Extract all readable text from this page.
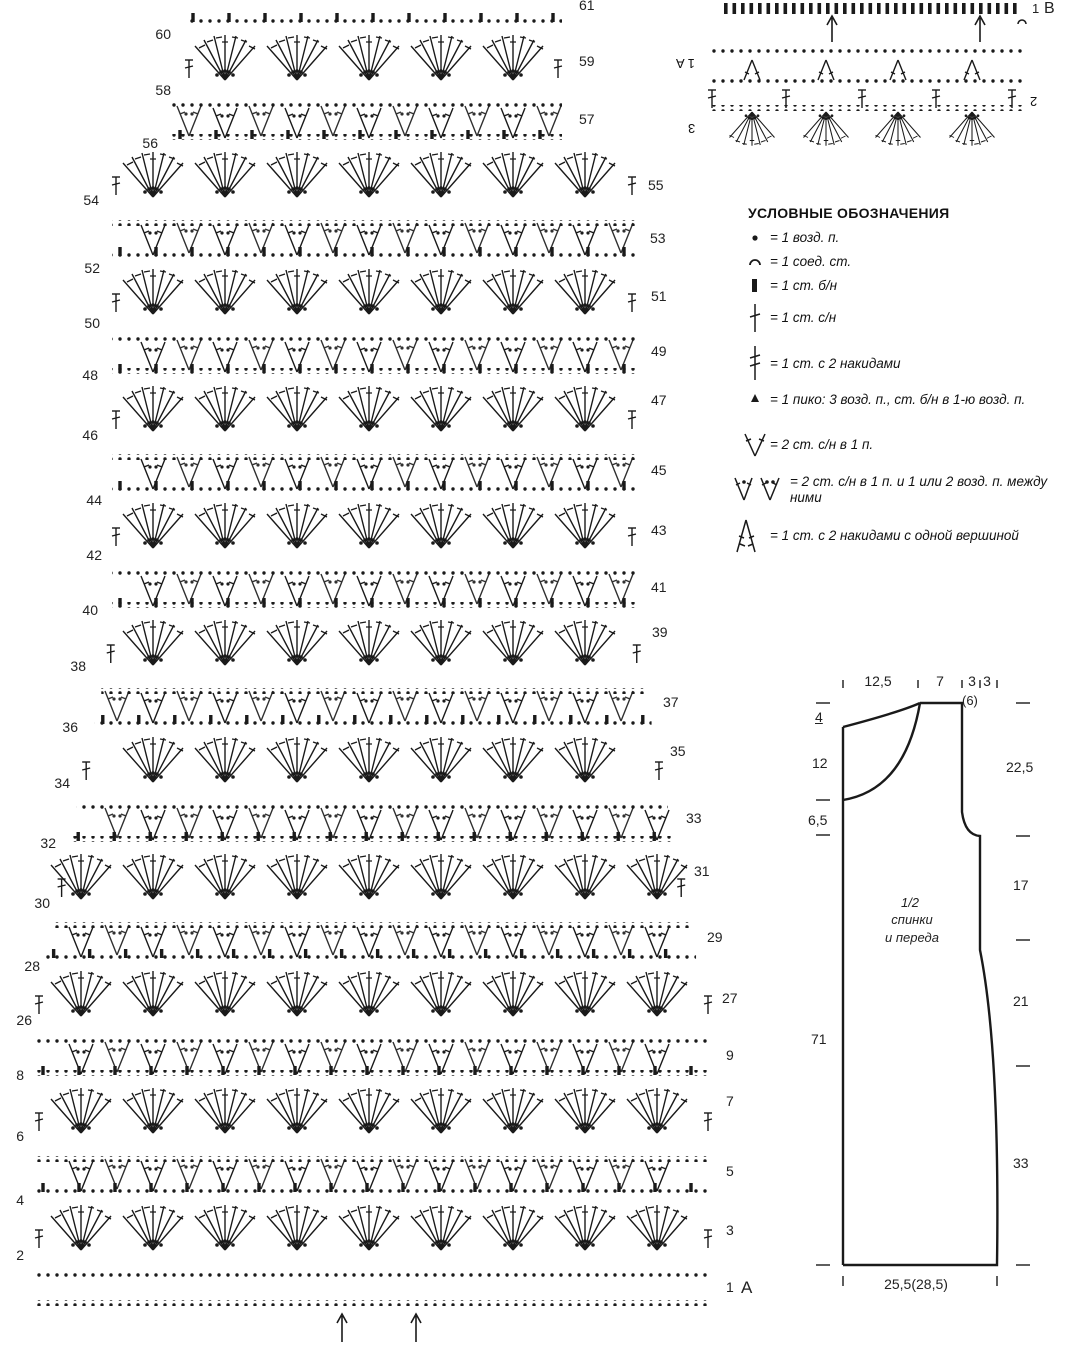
60
58
56
54
52
50
48
46
44
42
40
38
36
34
32
30
28
26
8
6
4
2
61
59
57
55
53
51
49
47
45
43
41
39
37
35
33
31
29
27
9
7
5
3
1 A
B
1
1 A
2
3
УСЛОВНЫЕ ОБОЗНАЧЕНИЯ
= 1 возд. п.
= 1 соед. ст.
= 1 ст. б/н
= 1 ст. с/н
= 1 ст. с 2 накидами
= 1 пико: 3 возд. п., ст. б/н в 1-ю возд. п.
= 2 ст. с/н в 1 п.
= 2 ст. с/н в 1 п. и 1 или 2 возд. п. между ними
= 1 ст. с 2 накидами с одной вершиной
12,5	7 3 3
(6)
4
12
6,5
71
22,5
17
21
33
25,5(28,5)
1/2
спинки
и переда
